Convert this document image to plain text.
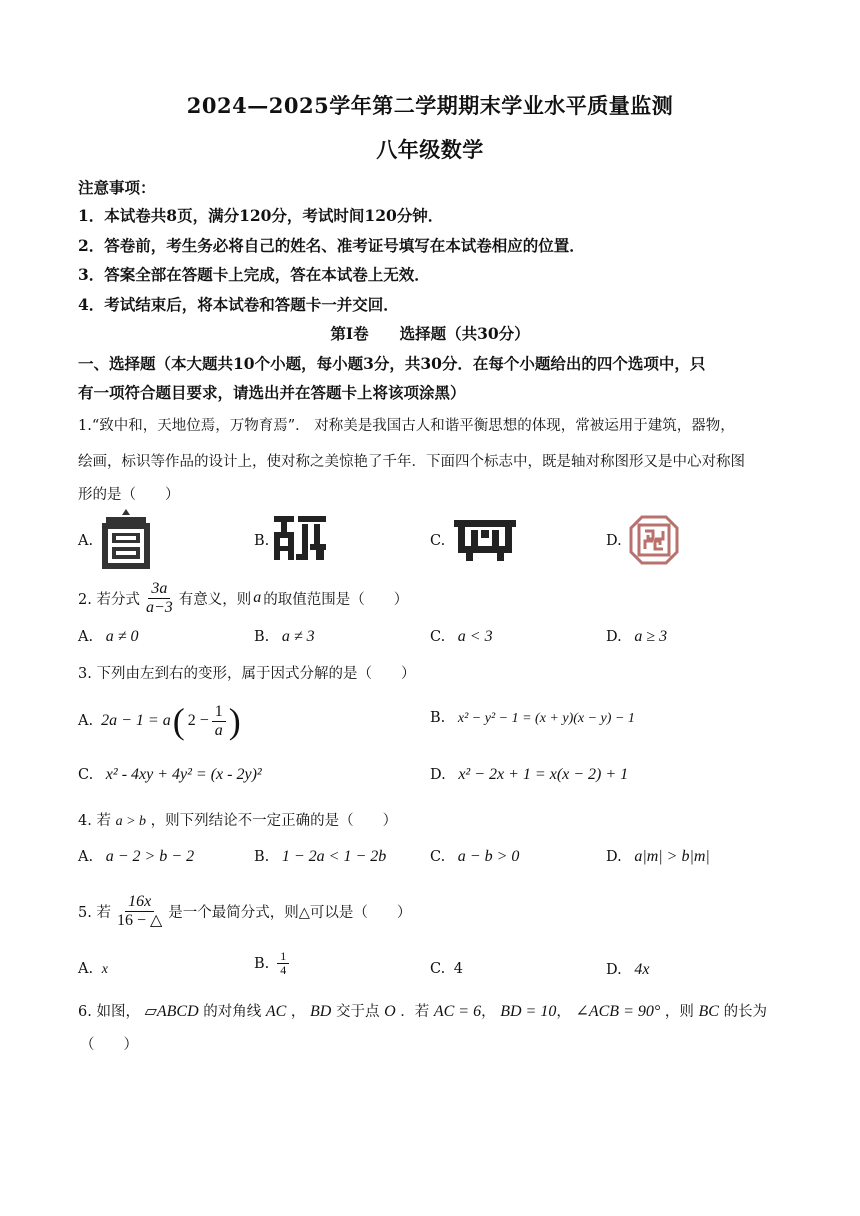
2024—2025学年第二学期期末学业水平质量监测
八年级数学
注意事项：
1．本试卷共8页，满分120分，考试时间120分钟．
2．答卷前，考生务必将自己的姓名、准考证号填写在本试卷相应的位置．
3．答案全部在答题卡上完成，答在本试卷上无效．
4．考试结束后，将本试卷和答题卡一并交回．
第Ⅰ卷　　选择题（共30分）
一、选择题（本大题共10个小题，每小题3分，共30分．在每个小题给出的四个选项中，只
有一项符合题目要求，请选出并在答题卡上将该项涂黑）
1.“致中和，天地位焉，万物育焉”． 对称美是我国古人和谐平衡思想的体现，常被运用于建筑，器物，
绘画，标识等作品的设计上，使对称之美惊艳了千年．下面四个标志中，既是轴对称图形又是中心对称图
形的是（　　）
A.	B.	C.	D.
2. 若分式 $\frac{3a}{a-3}$ 有意义，则 a 的取值范围是（　　）
A. a ≠ 0	B. a ≠ 3	C. a < 3	D. a ≥ 3
3. 下列由左到右的变形，属于因式分解的是（　　）
A. 2a − 1 = a ( $2 - \frac{1}{a}$ )	B. x² − y² − 1 = (x + y)(x − y) − 1
C. x² - 4xy + 4y² = (x - 2y)²	D. x² − 2x + 1 = x(x − 2) + 1
4. 若 a > b ，则下列结论不一定正确的是（　　）
A. a − 2 > b − 2	B. 1 − 2a < 1 − 2b	C. a − b > 0	D. a|m| > b|m|
5. 若 $\frac{16x}{16 - \triangle}$ 是一个最简分式，则△可以是（　　）
A. x	B. $\frac{1}{4}$	C. 4	D. 4x
6. 如图， ▱ABCD 的对角线 AC ， BD 交于点 O ．若 AC = 6， BD = 10， ∠ACB = 90° ，则 BC 的长为
（　　）
